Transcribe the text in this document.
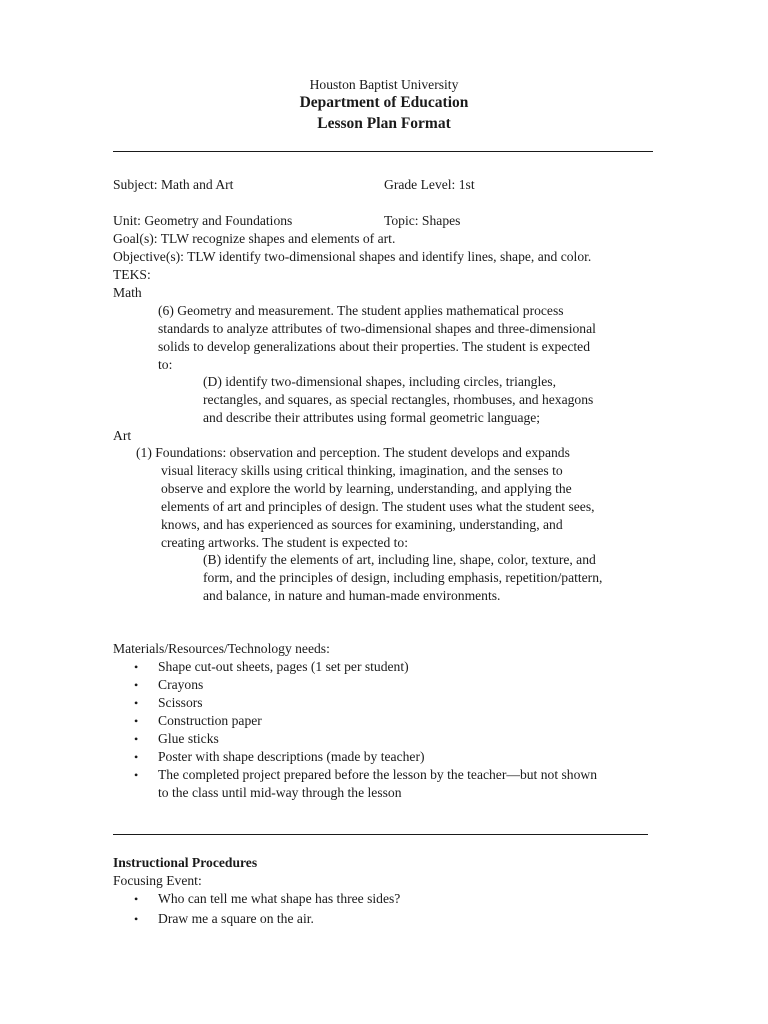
Houston Baptist University
Department of Education
Lesson Plan Format
Subject: Math and Art	Grade Level: 1st
Unit: Geometry and Foundations	Topic: Shapes
Goal(s): TLW recognize shapes and elements of art.
Objective(s): TLW identify two-dimensional shapes and identify lines, shape, and color.
TEKS:
Math
(6) Geometry and measurement. The student applies mathematical process
standards to analyze attributes of two-dimensional shapes and three-dimensional
solids to develop generalizations about their properties. The student is expected
to:
(D) identify two-dimensional shapes, including circles, triangles,
rectangles, and squares, as special rectangles, rhombuses, and hexagons
and describe their attributes using formal geometric language;
Art
(1) Foundations: observation and perception. The student develops and expands
visual literacy skills using critical thinking, imagination, and the senses to
observe and explore the world by learning, understanding, and applying the
elements of art and principles of design. The student uses what the student sees,
knows, and has experienced as sources for examining, understanding, and
creating artworks. The student is expected to:
(B) identify the elements of art, including line, shape, color, texture, and
form, and the principles of design, including emphasis, repetition/pattern,
and balance, in nature and human-made environments.
Materials/Resources/Technology needs:
• Shape cut-out sheets, pages (1 set per student)
• Crayons
• Scissors
• Construction paper
• Glue sticks
• Poster with shape descriptions (made by teacher)
• The completed project prepared before the lesson by the teacher—but not shown
to the class until mid-way through the lesson
Instructional Procedures
Focusing Event:
• Who can tell me what shape has three sides?
• Draw me a square on the air.
